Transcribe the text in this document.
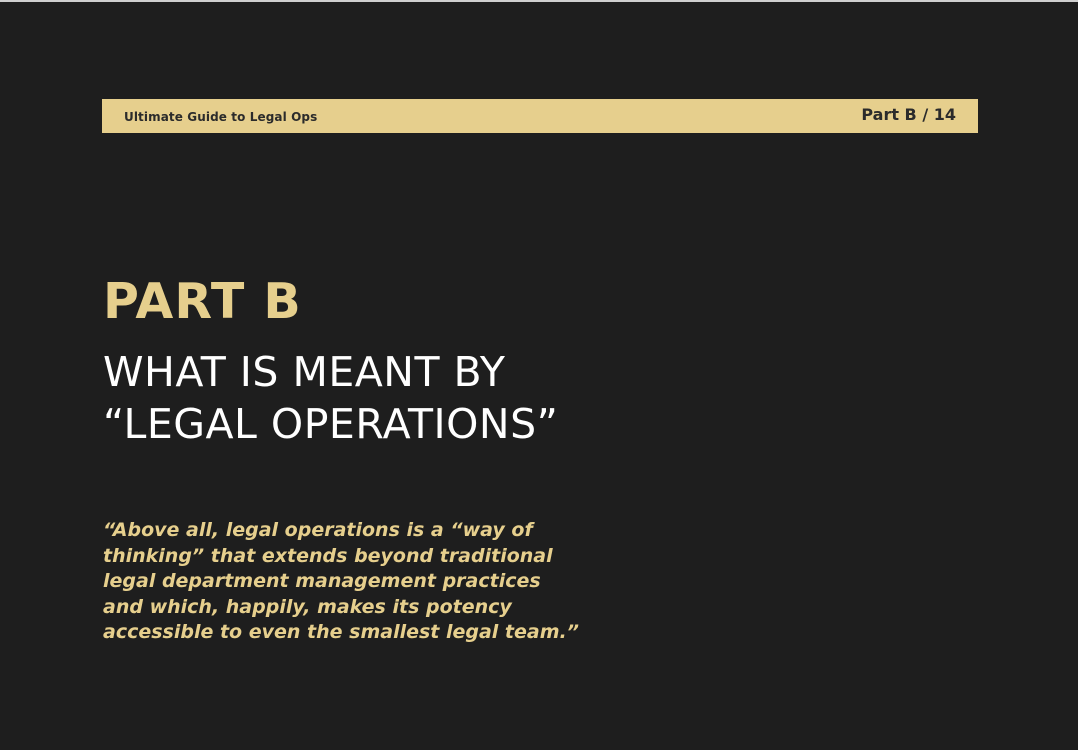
Ultimate Guide to Legal Ops	Part B / 14
PART B
WHAT IS MEANT BY
“LEGAL OPERATIONS”
“Above all, legal operations is a “way of
thinking” that extends beyond traditional
legal department management practices
and which, happily, makes its potency
accessible to even the smallest legal team.”
